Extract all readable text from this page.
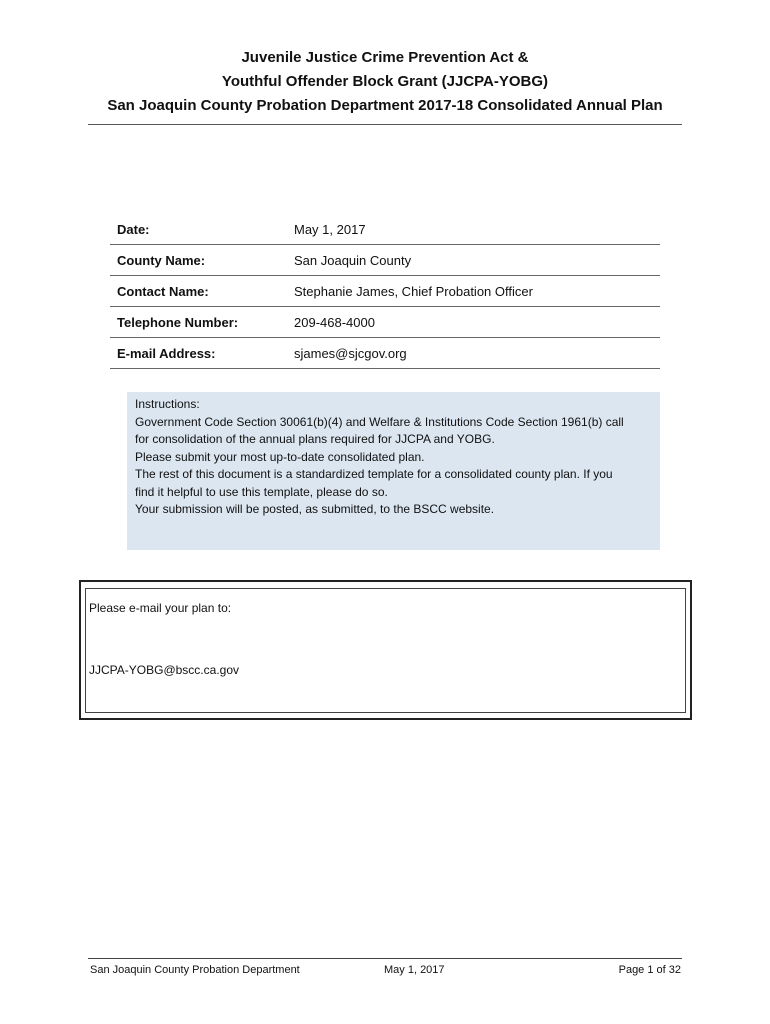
Juvenile Justice Crime Prevention Act &
Youthful Offender Block Grant (JJCPA-YOBG)
San Joaquin County Probation Department 2017-18 Consolidated Annual Plan
Date:	May 1, 2017
County Name:	San Joaquin County
Contact Name:	Stephanie James, Chief Probation Officer
Telephone Number:	209-468-4000
E-mail Address:	sjames@sjcgov.org
Instructions:
Government Code Section 30061(b)(4) and Welfare & Institutions Code Section 1961(b) call
for consolidation of the annual plans required for JJCPA and YOBG.
Please submit your most up-to-date consolidated plan.
The rest of this document is a standardized template for a consolidated county plan. If you
find it helpful to use this template, please do so.
Your submission will be posted, as submitted, to the BSCC website.
Please e-mail your plan to:
JJCPA-YOBG@bscc.ca.gov
San Joaquin County Probation Department	May 1, 2017	Page 1 of 32
